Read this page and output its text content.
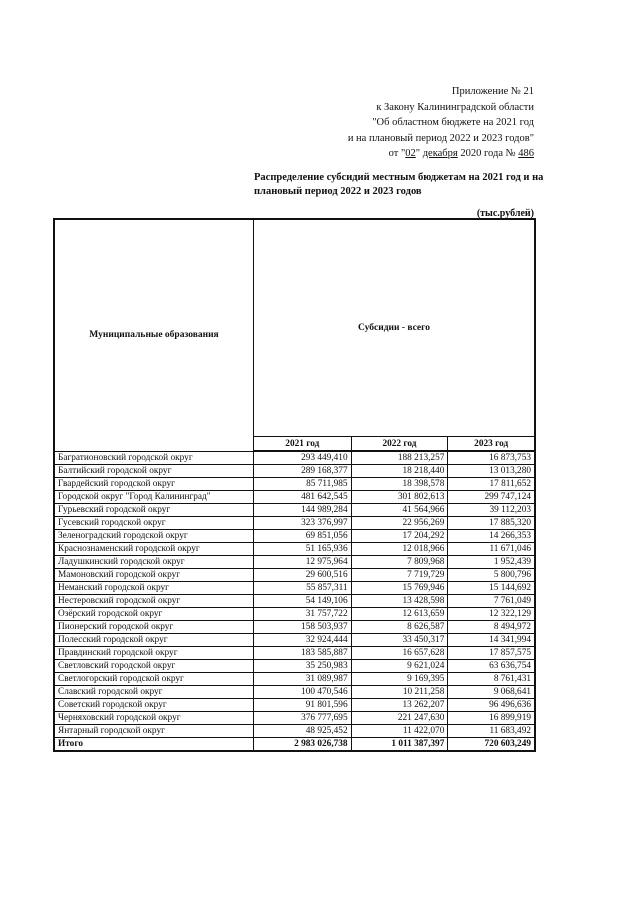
Приложение № 21
к Закону Калининградской области
"Об областном бюджете на 2021 год
и на плановый период 2022 и 2023 годов"
от "02" декабря 2020 года № 486
Распределение субсидий местным бюджетам на 2021 год и на плановый период 2022 и 2023 годов
(тыс.рублей)
Муниципальные образования	Субсидии - всего		
	2021 год	2022 год	2023 год
Багратионовский городской округ	293 449,410	188 213,257	16 873,753
Балтийский городской округ	289 168,377	18 218,440	13 013,280
Гвардейский городской округ	85 711,985	18 398,578	17 811,652
Городской округ "Город Калининград"	481 642,545	301 802,613	299 747,124
Гурьевский городской округ	144 989,284	41 564,966	39 112,203
Гусевский городской округ	323 376,997	22 956,269	17 885,320
Зеленоградский городской округ	69 851,056	17 204,292	14 266,353
Краснознаменский городской округ	51 165,936	12 018,966	11 671,046
Ладушкинский городской округ	12 975,964	7 809,968	1 952,439
Мамоновский городской округ	29 600,516	7 719,729	5 800,796
Неманский городской округ	55 857,311	15 769,946	15 144,692
Нестеровский городской округ	54 149,106	13 428,598	7 761,049
Озёрский городской округ	31 757,722	12 613,659	12 322,129
Пионерский городской округ	158 503,937	8 626,587	8 494,972
Полесский городской округ	32 924,444	33 450,317	14 341,994
Правдинский городской округ	183 585,887	16 657,628	17 857,575
Светловский городской округ	35 250,983	9 621,024	63 636,754
Светлогорский городской округ	31 089,987	9 169,395	8 761,431
Славский городской округ	100 470,546	10 211,258	9 068,641
Советский городской округ	91 801,596	13 262,207	96 496,636
Черняховский городской округ	376 777,695	221 247,630	16 899,919
Янтарный городской округ	48 925,452	11 422,070	11 683,492
Итого	2 983 026,738	1 011 387,397	720 603,249
